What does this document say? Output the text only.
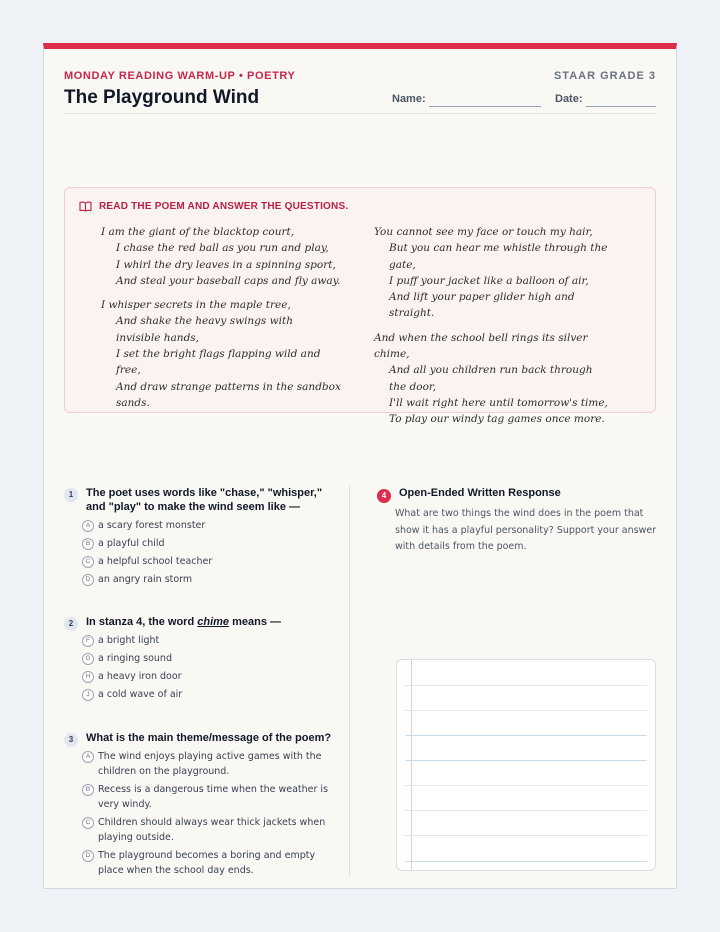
MONDAY READING WARM-UP • POETRY	STAAR GRADE 3
The Playground Wind	Name:	Date:
READ THE POEM AND ANSWER THE QUESTIONS.
I am the giant of the blacktop court,
I chase the red ball as you run and play,
I whirl the dry leaves in a spinning sport,
And steal your baseball caps and fly away.
I whisper secrets in the maple tree,
And shake the heavy swings with invisible hands,
I set the bright flags flapping wild and free,
And draw strange patterns in the sandbox sands.
You cannot see my face or touch my hair,
But you can hear me whistle through the gate,
I puff your jacket like a balloon of air,
And lift your paper glider high and straight.
And when the school bell rings its silver chime,
And all you children run back through the door,
I'll wait right here until tomorrow's time,
To play our windy tag games once more.
1	The poet uses words like "chase," "whisper," and "play" to make the wind seem like —
A a scary forest monster
B a playful child
C a helpful school teacher
D an angry rain storm
2	In stanza 4, the word chime means —
F a bright light
G a ringing sound
H a heavy iron door
J a cold wave of air
3	What is the main theme/message of the poem?
A The wind enjoys playing active games with the children on the playground.
B Recess is a dangerous time when the weather is very windy.
C Children should always wear thick jackets when playing outside.
D The playground becomes a boring and empty place when the school day ends.
4	Open-Ended Written Response
What are two things the wind does in the poem that show it has a playful personality? Support your answer with details from the poem.
